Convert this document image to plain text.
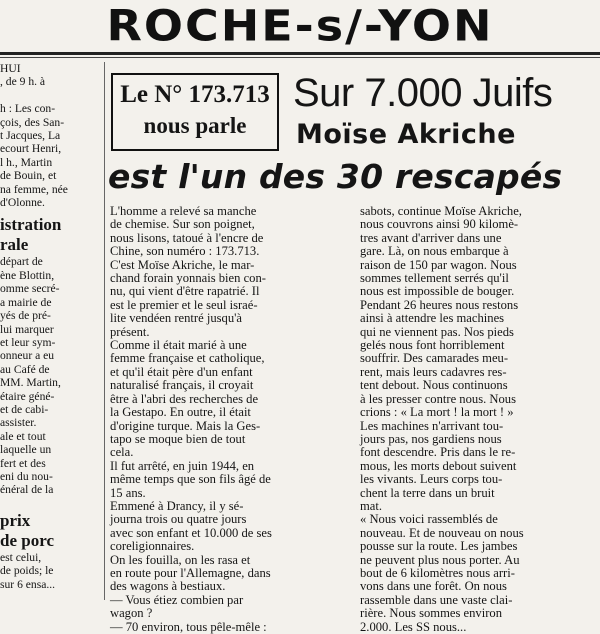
ROCHE-s/-YON
HUI
, de 9 h. à

h : Les con-
çois, des San-
t Jacques, La
ecourt Henri,
l h., Martin
de Bouin, et
na femme, née
d'Olonne.
istration
rale
départ de
ène Blottin,
omme secré-
a mairie de
yés de pré-
lui marquer
et leur sym-
onneur a eu
au Café de
MM. Martin,
étaire géné-
et de cabi-
assister.
ale et tout
laquelle un
fert et des
eni du nou-
énéral de la
prix
de porc
est celui,
de poids; le
sur 6 ensa...
Le N° 173.713
nous parle
Sur 7.000 Juifs
Moïse Akriche
est l'un des 30 rescapés
L'homme a relevé sa manche
de chemise. Sur son poignet,
nous lisons, tatoué à l'encre de
Chine, son numéro : 173.713.
C'est Moïse Akriche, le mar-
chand forain yonnais bien con-
nu, qui vient d'être rapatrié. Il
est le premier et le seul israé-
lite vendéen rentré jusqu'à
présent.
Comme il était marié à une
femme française et catholique,
et qu'il était père d'un enfant
naturalisé français, il croyait
être à l'abri des recherches de
la Gestapo. En outre, il était
d'origine turque. Mais la Ges-
tapo se moque bien de tout
cela.
Il fut arrêté, en juin 1944, en
même temps que son fils âgé de
15 ans.
Emmené à Drancy, il y sé-
journa trois ou quatre jours
avec son enfant et 10.000 de ses
coreligionnaires.
On les fouilla, on les rasa et
en route pour l'Allemagne, dans
des wagons à bestiaux.
— Vous étiez combien par
wagon ?
— 70 environ, tous pêle-mêle :
sabots, continue Moïse Akriche,
nous couvrons ainsi 90 kilomè-
tres avant d'arriver dans une
gare. Là, on nous embarque à
raison de 150 par wagon. Nous
sommes tellement serrés qu'il
nous est impossible de bouger.
Pendant 26 heures nous restons
ainsi à attendre les machines
qui ne viennent pas. Nos pieds
gelés nous font horriblement
souffrir. Des camarades meu-
rent, mais leurs cadavres res-
tent debout. Nous continuons
à les presser contre nous. Nous
crions : « La mort ! la mort ! »
Les machines n'arrivant tou-
jours pas, nos gardiens nous
font descendre. Pris dans le re-
mous, les morts debout suivent
les vivants. Leurs corps tou-
chent la terre dans un bruit
mat.
« Nous voici rassemblés de
nouveau. Et de nouveau on nous
pousse sur la route. Les jambes
ne peuvent plus nous porter. Au
bout de 6 kilomètres nous arri-
vons dans une forêt. On nous
rassemble dans une vaste clai-
rière. Nous sommes environ
2.000. Les SS nous...
